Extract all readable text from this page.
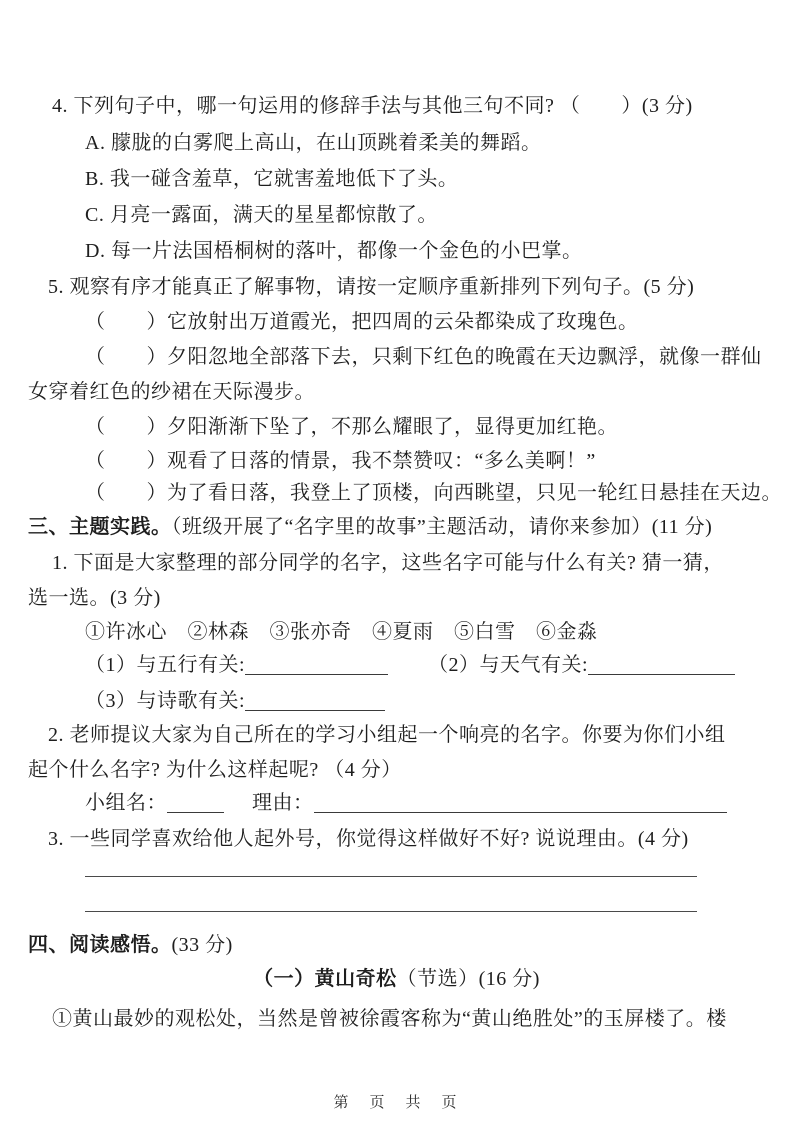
4. 下列句子中，哪一句运用的修辞手法与其他三句不同? （　　）(3 分)
A. 朦胧的白雾爬上高山，在山顶跳着柔美的舞蹈。
B. 我一碰含羞草，它就害羞地低下了头。
C. 月亮一露面，满天的星星都惊散了。
D. 每一片法国梧桐树的落叶，都像一个金色的小巴掌。
5. 观察有序才能真正了解事物，请按一定顺序重新排列下列句子。(5 分)
（　　）它放射出万道霞光，把四周的云朵都染成了玫瑰色。
（　　）夕阳忽地全部落下去，只剩下红色的晚霞在天边飘浮，就像一群仙
女穿着红色的纱裙在天际漫步。
（　　）夕阳渐渐下坠了，不那么耀眼了，显得更加红艳。
（　　）观看了日落的情景，我不禁赞叹：“多么美啊！”
（　　）为了看日落，我登上了顶楼，向西眺望，只见一轮红日悬挂在天边。
三、主题实践。（班级开展了“名字里的故事”主题活动，请你来参加）(11 分)
1. 下面是大家整理的部分同学的名字，这些名字可能与什么有关? 猜一猜，
选一选。(3 分)
①许冰心　②林森　③张亦奇　④夏雨　⑤白雪　⑥金淼
（1）与五行有关:	（2）与天气有关:
（3）与诗歌有关:
2. 老师提议大家为自己所在的学习小组起一个响亮的名字。你要为你们小组
起个什么名字? 为什么这样起呢? （4 分）
小组名：	理由：
3. 一些同学喜欢给他人起外号，你觉得这样做好不好? 说说理由。(4 分)
四、阅读感悟。(33 分)
（一）黄山奇松（节选）(16 分)
①黄山最妙的观松处，当然是曾被徐霞客称为“黄山绝胜处”的玉屏楼了。楼
第　页　共　页
